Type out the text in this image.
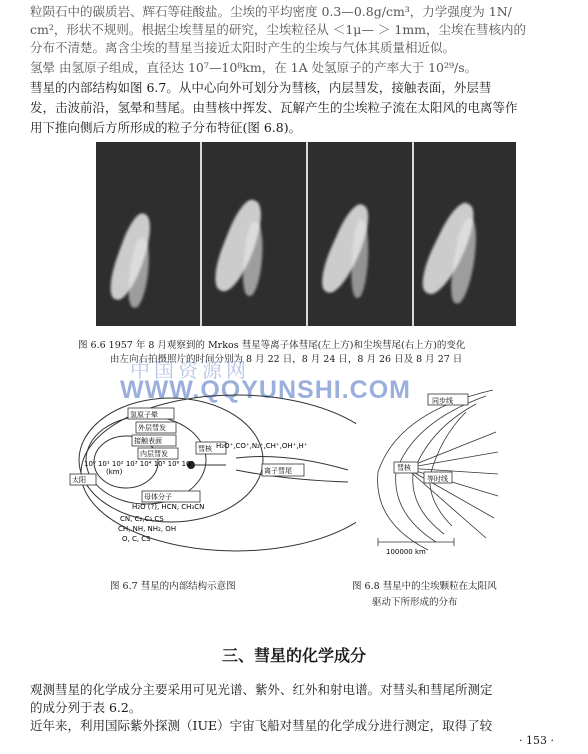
粒陨石中的碳质岩、辉石等硅酸盐。尘埃的平均密度 0.3—0.8g/cm³，力学强度为 1N/
cm²，形状不规则。根据尘埃彗星的研究，尘埃粒径从 ＜1μ— ＞ 1mm，尘埃在彗核内的
分布不清楚。离含尘埃的彗星当接近太阳时产生的尘埃与气体其质量相近似。
氢晕 由氢原子组成，直径达 10⁷—10⁸km，在 1A 处氢原子的产率大于 10²⁹/s。
彗星的内部结构如图 6.7。从中心向外可划分为彗核，内层彗发，接触表面，外层彗
发，击波前沿，氢晕和彗尾。由彗核中挥发、瓦解产生的尘埃粒子流在太阳风的电离等作
用下推向侧后方所形成的粒子分布特征(图 6.8)。
图 6.6 1957 年 8 月观察到的 Mrkos 彗星等离子体彗尾(左上方)和尘埃彗尾(右上方)的变化
由左向右拍摄照片的时间分别为 8 月 22 日，8 月 24 日，8 月 26 日及 8 月 27 日
中国资源网
WWW.QQYUNSHI.COM
氢原子晕
外层彗发
接触表面
内层彗发
彗核
离子彗尾
H₂O⁺,CO⁺,N₂⁺,CH⁺,OH⁺,H⁺
母体分子
H₂O (?), HCN, CH₃CN
CN, C₂,C₃,CS
CH, NH, NH₂, OH
O, C, CS
太阳
10⁰ 10¹ 10² 10³ 10⁴ 10⁵ 10⁶ 10⁷
(km)
图 6.7 彗星的内部结构示意图
同步线
等时线
彗核
100000 km
图 6.8 彗星中的尘埃颗粒在太阳风
驱动下所形成的分布
三、彗星的化学成分
观测彗星的化学成分主要采用可见光谱、紫外、红外和射电谱。对彗头和彗尾所测定
的成分列于表 6.2。
近年来，利用国际紫外探测（IUE）宇宙飞船对彗星的化学成分进行测定，取得了较
· 153 ·
